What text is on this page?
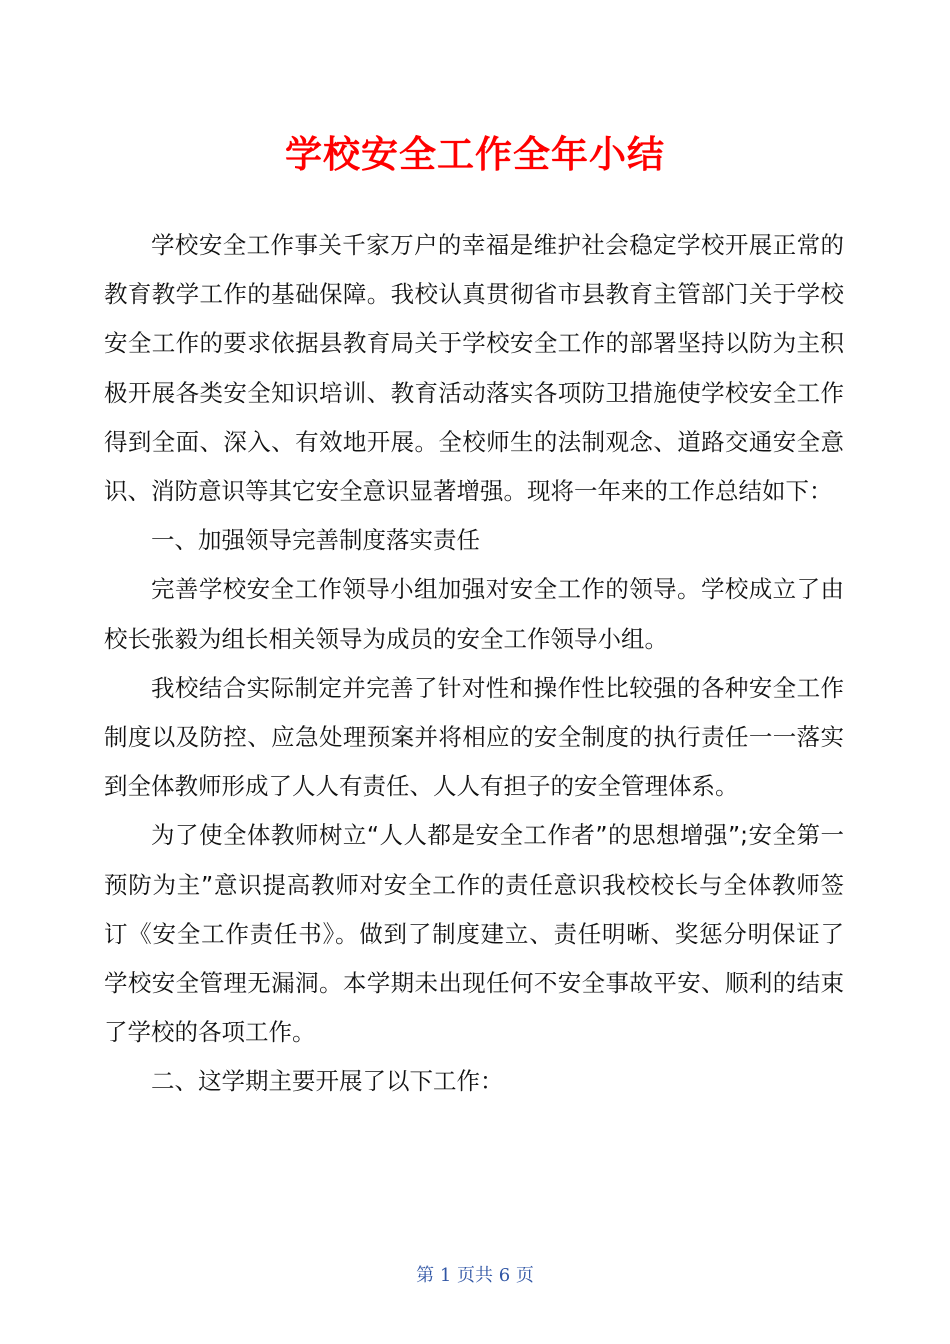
学校安全工作全年小结

学校安全工作事关千家万户的幸福是维护社会稳定学校开展正常的教育教学工作的基础保障。我校认真贯彻省市县教育主管部门关于学校安全工作的要求依据县教育局关于学校安全工作的部署坚持以防为主积极开展各类安全知识培训、教育活动落实各项防卫措施使学校安全工作得到全面、深入、有效地开展。全校师生的法制观念、道路交通安全意识、消防意识等其它安全意识显著增强。现将一年来的工作总结如下：

一、加强领导完善制度落实责任

完善学校安全工作领导小组加强对安全工作的领导。学校成立了由校长张毅为组长相关领导为成员的安全工作领导小组。

我校结合实际制定并完善了针对性和操作性比较强的各种安全工作制度以及防控、应急处理预案并将相应的安全制度的执行责任一一落实到全体教师形成了人人有责任、人人有担子的安全管理体系。

为了使全体教师树立“人人都是安全工作者”的思想增强”;安全第一预防为主”意识提高教师对安全工作的责任意识我校校长与全体教师签订《安全工作责任书》。做到了制度建立、责任明晰、奖惩分明保证了学校安全管理无漏洞。本学期未出现任何不安全事故平安、顺利的结束了学校的各项工作。

二、这学期主要开展了以下工作：

第 1 页共 6 页
